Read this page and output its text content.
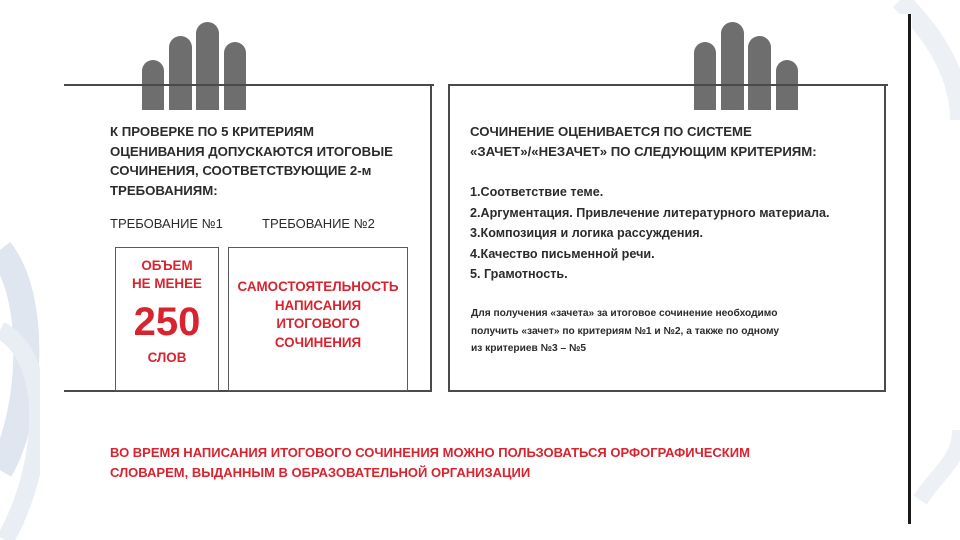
К ПРОВЕРКЕ ПО 5 КРИТЕРИЯМ
ОЦЕНИВАНИЯ ДОПУСКАЮТСЯ ИТОГОВЫЕ
СОЧИНЕНИЯ, СООТВЕТСТВУЮЩИЕ 2-м
ТРЕБОВАНИЯМ:
ТРЕБОВАНИЕ №1	ТРЕБОВАНИЕ №2
ОБЪЕМ
НЕ МЕНЕЕ
250
СЛОВ
САМОСТОЯТЕЛЬНОСТЬ
НАПИСАНИЯ
ИТОГОВОГО
СОЧИНЕНИЯ
СОЧИНЕНИЕ ОЦЕНИВАЕТСЯ ПО СИСТЕМЕ
«ЗАЧЕТ»/«НЕЗАЧЕТ» ПО СЛЕДУЮЩИМ КРИТЕРИЯМ:
1.Соответствие теме.
2.Аргументация. Привлечение литературного материала.
3.Композиция и логика рассуждения.
4.Качество письменной речи.
5. Грамотность.
Для получения «зачета» за итоговое сочинение необходимо
получить «зачет» по критериям №1 и №2, а также по одному
из критериев №3 – №5
ВО ВРЕМЯ НАПИСАНИЯ ИТОГОВОГО СОЧИНЕНИЯ МОЖНО ПОЛЬЗОВАТЬСЯ ОРФОГРАФИЧЕСКИМ
СЛОВАРЕМ, ВЫДАННЫМ В ОБРАЗОВАТЕЛЬНОЙ ОРГАНИЗАЦИИ
